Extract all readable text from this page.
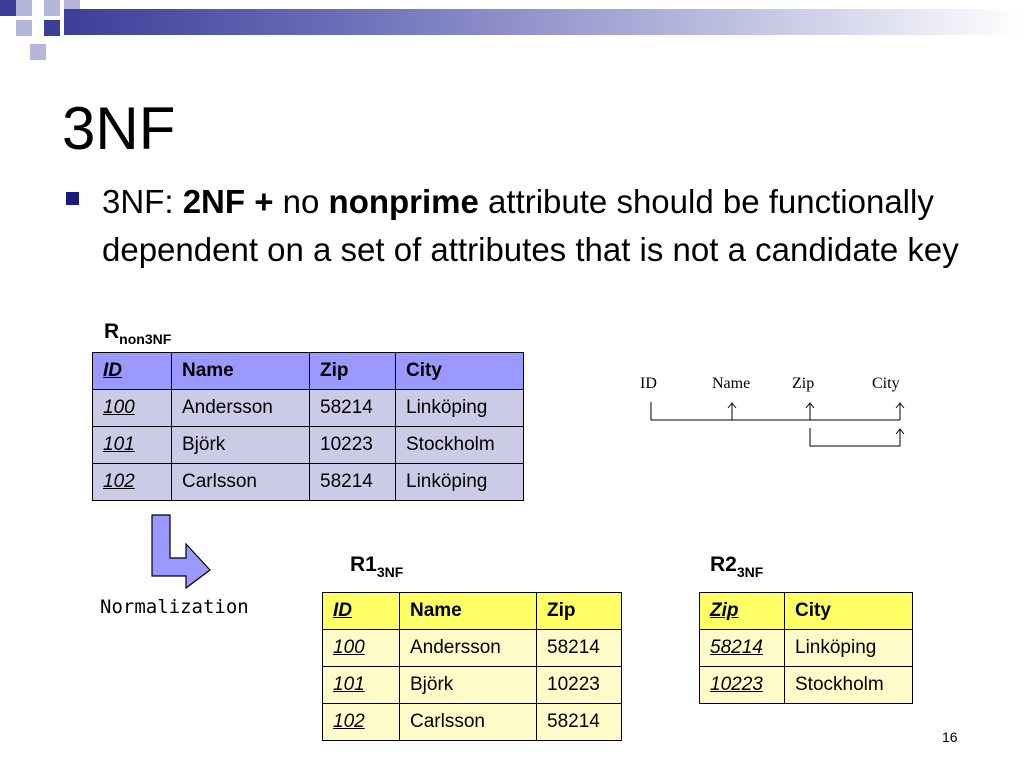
3NF
3NF: 2NF + no nonprime attribute should be functionally dependent on a set of attributes that is not a candidate key
$R_{non3NF}$
ID	Name	Zip	City
100	Andersson	58214	Linköping
101	Björk	10223	Stockholm
102	Carlsson	58214	Linköping
ID	Name	Zip	City
Normalization
$R1_{3NF}$
ID	Name	Zip
100	Andersson	58214
101	Björk	10223
102	Carlsson	58214
$R2_{3NF}$
Zip	City
58214	Linköping
10223	Stockholm
16
